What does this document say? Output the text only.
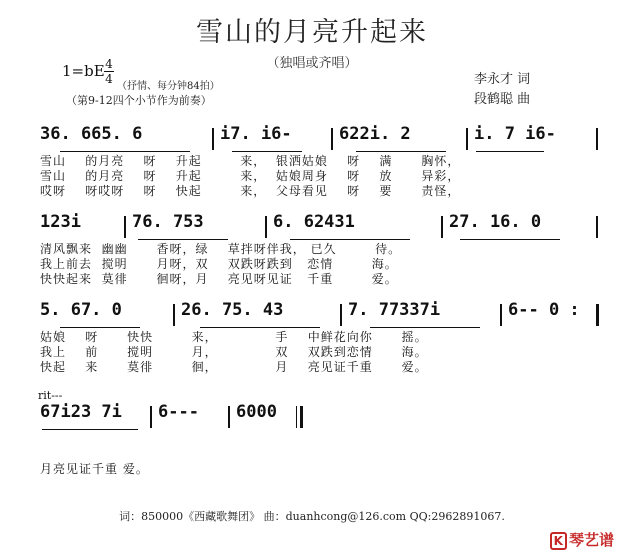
雪山的月亮升起来
（独唱或齐唱）
1=bE 4
4
（抒情、每分钟84拍）
（第9-12四个小节作为前奏）
李永才 词
段鹤聪 曲
36. 665. 6	i7. i6-	622i. 2	i. 7 i6-
雪山    的月亮    呀    升起        来，  银洒姑娘    呀    满      胸怀，
雪山    的月亮    呀    升起        来，  姑娘周身    呀    放      异彩，
哎呀    呀哎呀    呀    快起        来，  父母看见    呀    要      责怪，
123i	76. 753	6. 62431	27. 16. 0
清风飘来  幽幽      香呀，绿    草拌呀伴我， 已久        待。
我上前去  搅明      月呀，双    双跌呀跌到   恋情        海。
快快起来  莫徘      徊呀，月    亮见呀见证   千重        爱。
5. 67. 0	26. 75. 43	7. 77337i	6-- 0 :
姑娘    呀      快快        来，            手    中鲜花向你      摇。
我上    前      搅明        月，            双    双跌到恋情      海。
快起    来      莫徘        徊，            月    亮见证千重      爱。
rit---
67i23 7i 6--- 6000
月亮见证千重 爱。
词：850000《西藏歌舞团》 曲：duanhcong@126.com QQ:2962891067.
K 琴艺谱
